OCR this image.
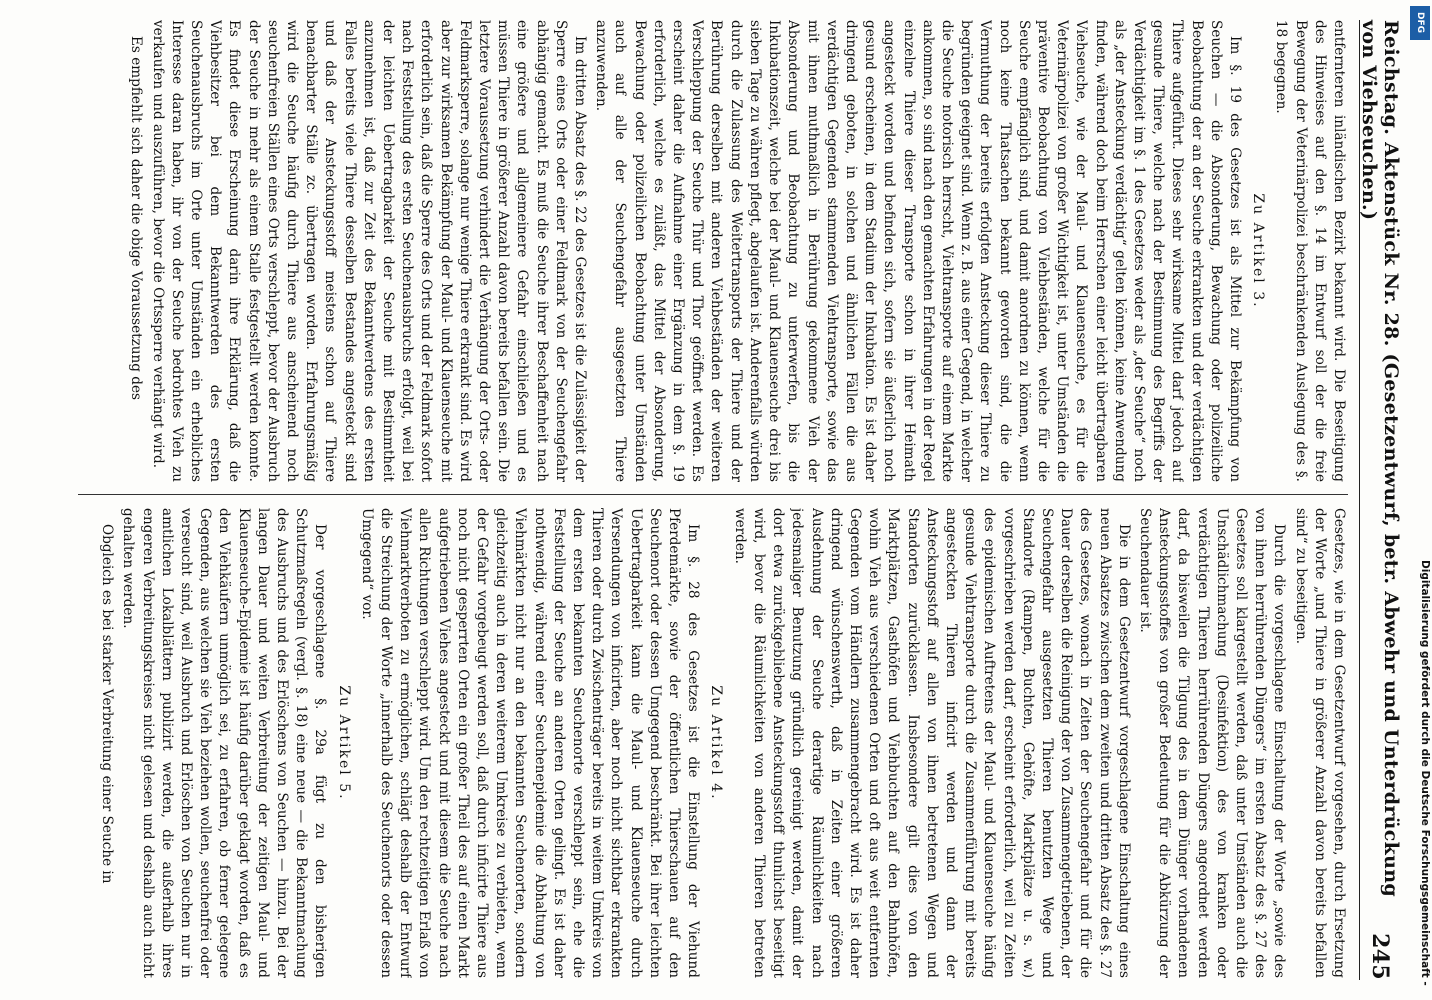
Reichstag. Aktenstück Nr. 28. (Gesetzentwurf, betr. Abwehr und Unterdrückung von Viehseuchen.)
245

entfernteren inländischen Bezirk bekannt wird. Die Beseitigung des Hinweises auf den §. 14 im Entwurf soll der die freie Bewegung der Veterinärpolizei beschränkenden Auslegung des §. 18 begegnen.

Zu Artikel 3.

Im §. 19 des Gesetzes ist als Mittel zur Bekämpfung von Seuchen — die Absonderung, Bewachung oder polizeiliche Beobachtung der an der Seuche erkrankten und der verdächtigen Thiere aufgeführt. Dieses sehr wirksame Mittel darf jedoch auf gesunde Thiere, welche nach der Bestimmung des Begriffs der Verdächtigkeit im §. 1 des Gesetzes weder als „der Seuche“ noch als „der Ansteckung verdächtig“ gelten können, keine Anwendung finden, während doch beim Herrschen einer leicht übertragbaren Viehseuche, wie der Maul- und Klauenseuche, es für die Veterinärpolizei von großer Wichtigkeit ist, unter Umständen die präventive Beobachtung von Viehbeständen, welche für die Seuche empfänglich sind, und damit anordnen zu können, wenn noch keine Thatsachen bekannt geworden sind, die die Vermuthung der bereits erfolgten Ansteckung dieser Thiere zu begründen geeignet sind. Wenn z. B. aus einer Gegend, in welcher die Seuche notorisch herrscht, Viehtransporte auf einem Markte ankommen, so sind nach den gemachten Erfahrungen in der Regel einzelne Thiere dieser Transporte schon in ihrer Heimath angesteckt worden und befinden sich, sofern sie äußerlich noch gesund erscheinen, in dem Stadium der Inkubation. Es ist daher dringend geboten, in solchen und ähnlichen Fällen die aus verdächtigen Gegenden stammenden Viehtransporte, sowie das mit ihnen muthmaßlich in Berührung gekommene Vieh der Absonderung und Beobachtung zu unterwerfen, bis die Inkubationszeit, welche bei der Maul- und Klauenseuche drei bis sieben Tage zu währen pflegt, abgelaufen ist. Anderenfalls würden durch die Zulassung des Weitertransports der Thiere und der Berührung derselben mit anderen Viehbeständen der weiteren Verschleppung der Seuche Thür und Thor geöffnet werden. Es erscheint daher die Aufnahme einer Ergänzung in dem §. 19 erforderlich, welche es zuläßt, das Mittel der Absonderung, Bewachung oder polizeilichen Beobachtung unter Umständen auch auf alle der Seuchengefahr ausgesetzten Thiere anzuwenden.

Im dritten Absatz des §. 22 des Gesetzes ist die Zulässigkeit der Sperre eines Orts oder einer Feldmark von der Seuchengefahr abhängig gemacht. Es muß die Seuche ihrer Beschaffenheit nach eine größere und allgemeinere Gefahr einschließen und es müssen Thiere in größerer Anzahl davon bereits befallen sein. Die letztere Voraussetzung verhindert die Verhängung der Orts- oder Feldmarksperre, solange nur wenige Thiere erkrankt sind. Es wird aber zur wirksamen Bekämpfung der Maul- und Klauenseuche mit erforderlich sein, daß die Sperre des Orts und der Feldmark sofort nach Feststellung des ersten Seuchenausbruchs erfolgt, weil bei der leichten Uebertragbarkeit der Seuche mit Bestimmtheit anzunehmen ist, daß zur Zeit des Bekanntwerdens des ersten Falles bereits viele Thiere desselben Bestandes angesteckt sind und daß der Ansteckungsstoff meistens schon auf Thiere benachbarter Ställe zc. übertragen worden. Erfahrungsmäßig wird die Seuche häufig durch Thiere aus anscheinend noch seuchenfreien Ställen eines Orts verschleppt, bevor der Ausbruch der Seuche in mehr als einem Stalle festgestellt werden konnte. Es findet diese Erscheinung darin ihre Erklärung, daß die Viehbesitzer bei dem Bekanntwerden des ersten Seuchenausbruchs im Orte unter Umständen ein erhebliches Interesse daran haben, ihr von der Seuche bedrohtes Vieh zu verkaufen und auszuführen, bevor die Ortssperre verhängt wird.

Es empfiehlt sich daher die obige Voraussetzung des

Gesetzes, wie in dem Gesetzentwurf vorgesehen, durch Ersetzung der Worte „und Thiere in größerer Anzahl davon bereits befallen sind“ zu beseitigen.

Durch die vorgeschlagene Einschaltung der Worte „sowie des von ihnen herrührenden Düngers“ im ersten Absatz des §. 27 des Gesetzes soll klargestellt werden, daß unter Umständen auch die Unschädlichmachung (Desinfektion) des von kranken oder verdächtigen Thieren herrührenden Düngers angeordnet werden darf, da bisweilen die Tilgung des in dem Dünger vorhandenen Ansteckungsstoffes von großer Bedeutung für die Abkürzung der Seuchendauer ist.

Die in dem Gesetzentwurf vorgeschlagene Einschaltung eines neuen Absatzes zwischen dem zweiten und dritten Absatz des §. 27 des Gesetzes, wonach in Zeiten der Seuchengefahr und für die Dauer derselben die Reinigung der von Zusammengetriebenen, der Seuchengefahr ausgesetzten Thieren benutzten Wege und Standorte (Rampen, Buchten, Gehöfte, Marktplätze u. s. w.) vorgeschrieben werden darf, erscheint erforderlich, weil zu Zeiten des epidemischen Auftretens der Maul- und Klauenseuche häufig gesunde Viehtransporte durch die Zusammenführung mit bereits angesteckten Thieren inficirt werden und dann der Ansteckungsstoff auf allen von ihnen betretenen Wegen und Standorten zurücklassen. Insbesondere gilt dies von den Marktplätzen, Gasthöfen und Viehbuchten auf den Bahnhöfen, wohin Vieh aus verschiedenen Orten und oft aus weit entfernten Gegenden vom Händlern zusammengebracht wird. Es ist daher dringend wünschenswerth, daß in Zeiten einer größeren Ausdehnung der Seuche derartige Räumlichkeiten nach jedesmaliger Benutzung gründlich gereinigt werden, damit der dort etwa zurückgebliebene Ansteckungsstoff thunlichst beseitigt wird, bevor die Räumlichkeiten von anderen Thieren betreten werden.

Zu Artikel 4.

Im §. 28 des Gesetzes ist die Einstellung der Viehund Pferdemärkte, sowie der öffentlichen Thierschauen auf den Seuchenort oder dessen Umgegend beschränkt. Bei ihrer leichten Uebertragbarkeit kann die Maul- und Klauenseuche durch Versendungen von inficirten, aber noch nicht sichtbar erkrankten Thieren oder durch Zwischenträger bereits in weitem Umkreis von dem ersten bekannten Seuchenorte verschleppt sein, ehe die Feststellung der Seuche an anderen Orten gelingt. Es ist daher nothwendig, während einer Seuchenepidemie die Abhaltung von Viehmärkten nicht nur an den bekannten Seuchenorten, sondern gleichzeitig auch in deren weiterem Umkreise zu verbieten, wenn der Gefahr vorgebeugt werden soll, daß durch inficirte Thiere aus noch nicht gesperrten Orten ein großer Theil des auf einen Markt aufgetriebenen Viehes angesteckt und mit diesem die Seuche nach allen Richtungen verschleppt wird. Um den rechtzeitigen Erlaß von Viehmarktverboten zu ermöglichen, schlägt deshalb der Entwurf die Streichung der Worte „innerhalb des Seuchenorts oder dessen Umgegend“ vor.

Zu Artikel 5.

Der vorgeschlagene §. 29a fügt zu den bisherigen Schutzmaßregeln (vergl. §. 18) eine neue — die Bekanntmachung des Ausbruchs und des Erlöschens von Seuchen — hinzu. Bei der langen Dauer und weiten Verbreitung der zeitigen Maul- und Klauenseuche-Epidemie ist häufig darüber geklagt worden, daß es den Viehkäufern unmöglich sei, zu erfahren, ob ferner gelegene Gegenden, aus welchen sie Vieh beziehen wollen, seuchenfrei oder verseucht sind, weil Ausbruch und Erlöschen von Seuchen nur in amtlichen Lokalblättern publizirt werden, die außerhalb ihres engeren Verbreitungskreises nicht gelesen und deshalb auch nicht gehalten werden.

Obgleich es bei starker Verbreitung einer Seuche in

DFG
Digitalisierung gefördert durch die Deutsche Forschungsgemeinschaft -
